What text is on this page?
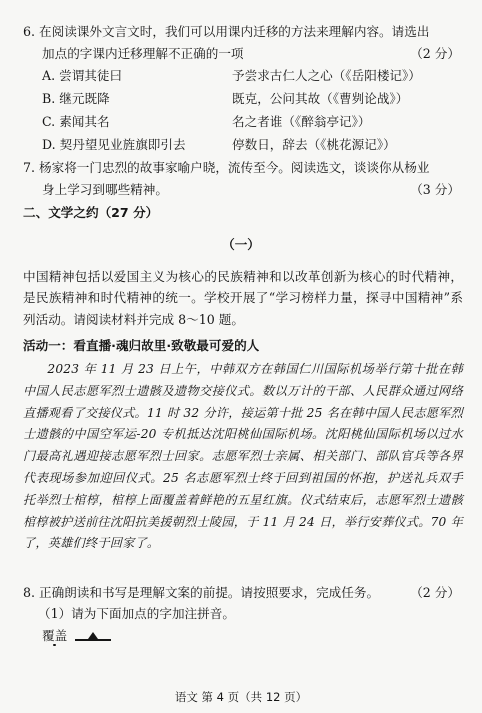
6. 在阅读课外文言文时，我们可以用课内迁移的方法来理解内容。请选出
加点的字课内迁移理解不正确的一项	（2 分）
A. 尝谓其徒曰	予尝求古仁人之心（《岳阳楼记》）
B. 继元既降	既克，公问其故（《曹刿论战》）
C. 素闻其名	名之者谁（《醉翁亭记》）
D. 契丹望见业旌旗即引去	停数日，辞去（《桃花源记》）
7. 杨家将一门忠烈的故事家喻户晓，流传至今。阅读选文，谈谈你从杨业
身上学习到哪些精神。	（3 分）
二、文学之约（27 分）
（一）
中国精神包括以爱国主义为核心的民族精神和以改革创新为核心的时代精神，是民族精神和时代精神的统一。学校开展了“学习榜样力量，探寻中国精神”系列活动。请阅读材料并完成 8～10 题。
活动一：看直播·魂归故里·致敬最可爱的人
2023 年 11 月 23 日上午，中韩双方在韩国仁川国际机场举行第十批在韩中国人民志愿军烈士遗骸及遗物交接仪式。数以万计的干部、人民群众通过网络直播观看了交接仪式。11 时 32 分许，接运第十批 25 名在韩中国人民志愿军烈士遗骸的中国空军运-20 专机抵达沈阳桃仙国际机场。沈阳桃仙国际机场以过水门最高礼遇迎接志愿军烈士回家。志愿军烈士亲属、相关部门、部队官兵等各界代表现场参加迎回仪式。25 名志愿军烈士终于回到祖国的怀抱，护送礼兵双手托举烈士棺椁，棺椁上面覆盖着鲜艳的五星红旗。仪式结束后，志愿军烈士遗骸棺椁被护送前往沈阳抗美援朝烈士陵园，于 11 月 24 日，举行安葬仪式。70 年了，英雄们终于回家了。
8. 正确朗读和书写是理解文案的前提。请按照要求，完成任务。	（2 分）
（1）请为下面加点的字加注拼音。
覆盖
语文 第 4 页（共 12 页）
